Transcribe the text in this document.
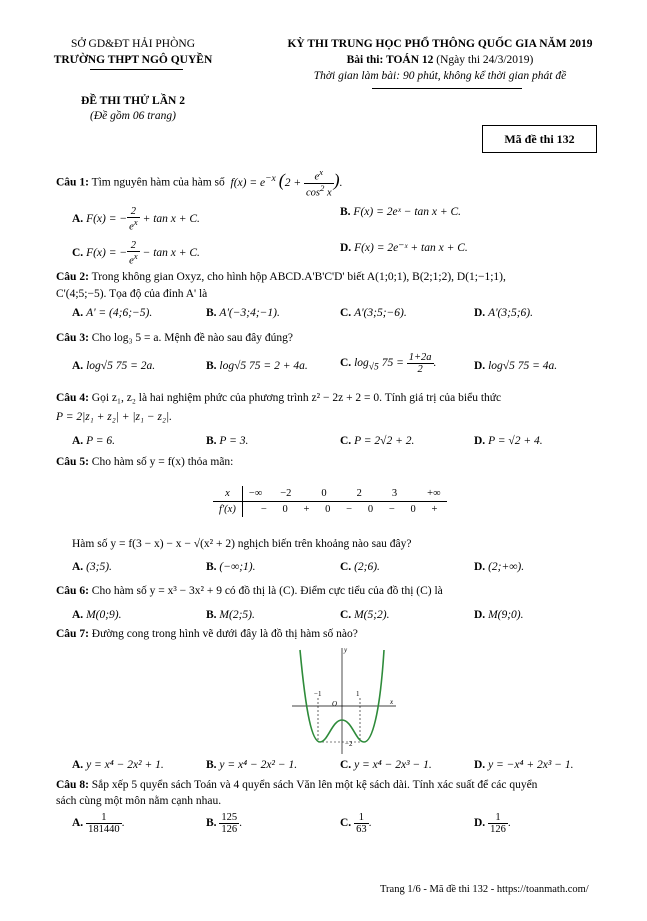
SỞ GD&ĐT HẢI PHÒNG
TRƯỜNG THPT NGÔ QUYỀN
ĐỀ THI THỬ LẦN 2
(Đề gồm 06 trang)
KỲ THI TRUNG HỌC PHỔ THÔNG QUỐC GIA NĂM 2019
Bài thi: TOÁN 12 (Ngày thi 24/3/2019)
Thời gian làm bài: 90 phút, không kể thời gian phát đề
Mã đề thi 132
Câu 1: Tìm nguyên hàm của hàm số  $f(x) = e^{-x}$ ($2 + \frac{e^x}{\cos^2 x}$ ).
A. F(x) = − $\frac{2}{e^x} + \tan x + C$.
B. F(x) = 2eˣ − tan x + C.
C. F(x) = − $\frac{2}{e^x} - \tan x + C$.	D. F(x) = 2e⁻ˣ + tan x + C.
Câu 2: Trong không gian Oxyz, cho hình hộp ABCD.A'B'C'D' biết A(1;0;1), B(2;1;2), D(1;−1;1),
C'(4;5;−5). Tọa độ của đỉnh A' là
A. A' = (4;6;−5).	B. A'(−3;4;−1).	C. A'(3;5;−6).	D. A'(3;5;6).
Câu 3: Cho log₃ 5 = a. Mệnh đề nào sau đây đúng?
A. log√5 75 = 2a.	B. log√5 75 = 2 + 4a.	C. $\log_{√5} 75 = \frac{1+2a}{2}$ .	D. log√5 75 = 4a.
Câu 4: Gọi z₁, z₂ là hai nghiệm phức của phương trình z² − 2z + 2 = 0. Tính giá trị của biểu thức
P = 2|z₁ + z₂| + |z₁ − z₂|.
A. P = 6.	B. P = 3.	C. P = 2√2 + 2.	D. P = √2 + 4.
Câu 5: Cho hàm số y = f(x) thỏa mãn:
x	−∞	−2	0	2	3	+∞
f'(x)	− 0 + 0 − 0 − 0 +					
Hàm số y = f(3 − x) − x − √(x² + 2) nghịch biến trên khoảng nào sau đây?
A. (3;5).	B. (−∞;1).	C. (2;6).	D. (2;+∞).
Câu 6: Cho hàm số y = x³ − 3x² + 9 có đồ thị là (C). Điểm cực tiểu của đồ thị (C) là
A. M(0;9).	B. M(2;5).	C. M(5;2).	D. M(9;0).
Câu 7: Đường cong trong hình vẽ dưới đây là đồ thị hàm số nào?
−1	1
O
−2
y
x
A. y = x⁴ − 2x² + 1.	B. y = x⁴ − 2x² − 1.	C. y = x⁴ − 2x³ − 1.	D. y = −x⁴ + 2x³ − 1.
Câu 8: Sắp xếp 5 quyển sách Toán và 4 quyển sách Văn lên một kệ sách dài. Tính xác suất để các quyển
sách cùng một môn nằm cạnh nhau.
A. $\frac{1}{181440}$ .	B. $\frac{125}{126}$ .	C. $\frac{1}{63}$ .	D. $\frac{1}{126}$ .
Trang 1/6 - Mã đề thi 132 - https://toanmath.com/
